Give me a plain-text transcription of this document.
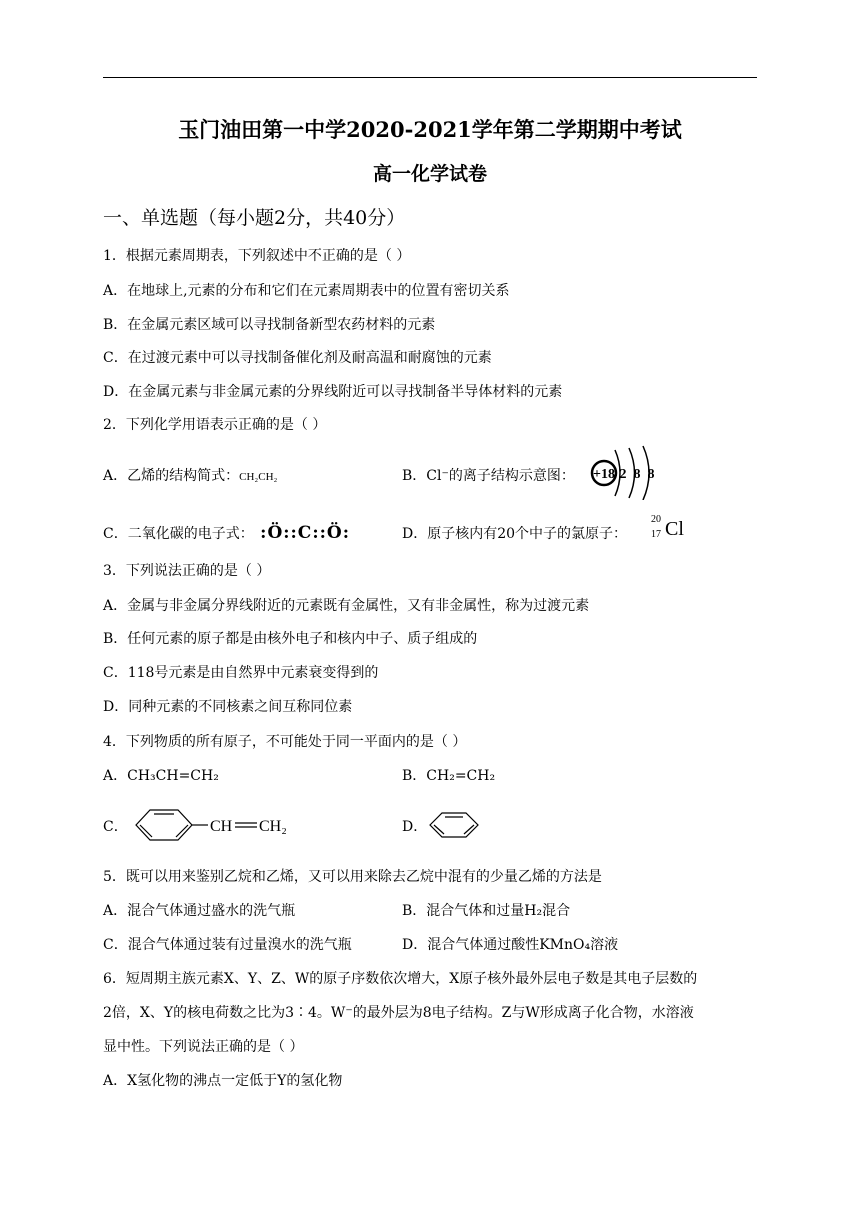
玉门油田第一中学2020-2021学年第二学期期中考试
高一化学试卷
一、单选题（每小题2分，共40分）
1．根据元素周期表，下列叙述中不正确的是（ ）
A．在地球上,元素的分布和它们在元素周期表中的位置有密切关系
B．在金属元素区域可以寻找制备新型农药材料的元素
C．在过渡元素中可以寻找制备催化剂及耐高温和耐腐蚀的元素
D．在金属元素与非金属元素的分界线附近可以寻找制备半导体材料的元素
2．下列化学用语表示正确的是（ ）
A．乙烯的结构简式：CH₂CH₂	B．Cl⁻的离子结构示意图： +18 2 8 8
C．二氧化碳的电子式： :Ö::C::Ö:	D．原子核内有20个中子的氯原子：
20
17 Cl
3．下列说法正确的是（ ）
A．金属与非金属分界线附近的元素既有金属性，又有非金属性，称为过渡元素
B．任何元素的原子都是由核外电子和核内中子、质子组成的
C．118号元素是由自然界中元素衰变得到的
D．同种元素的不同核素之间互称同位素
4．下列物质的所有原子，不可能处于同一平面内的是（ ）
A．CH₃CH=CH₂	B．CH₂=CH₂
C．	CH CH₂	D．
5．既可以用来鉴别乙烷和乙烯，又可以用来除去乙烷中混有的少量乙烯的方法是
A．混合气体通过盛水的洗气瓶	B．混合气体和过量H₂混合
C．混合气体通过装有过量溴水的洗气瓶	D．混合气体通过酸性KMnO₄溶液
6．短周期主族元素X、Y、Z、W的原子序数依次增大，X原子核外最外层电子数是其电子层数的
2倍，X、Y的核电荷数之比为3∶4。W⁻的最外层为8电子结构。Z与W形成离子化合物，水溶液
显中性。下列说法正确的是（ ）
A．X氢化物的沸点一定低于Y的氢化物
